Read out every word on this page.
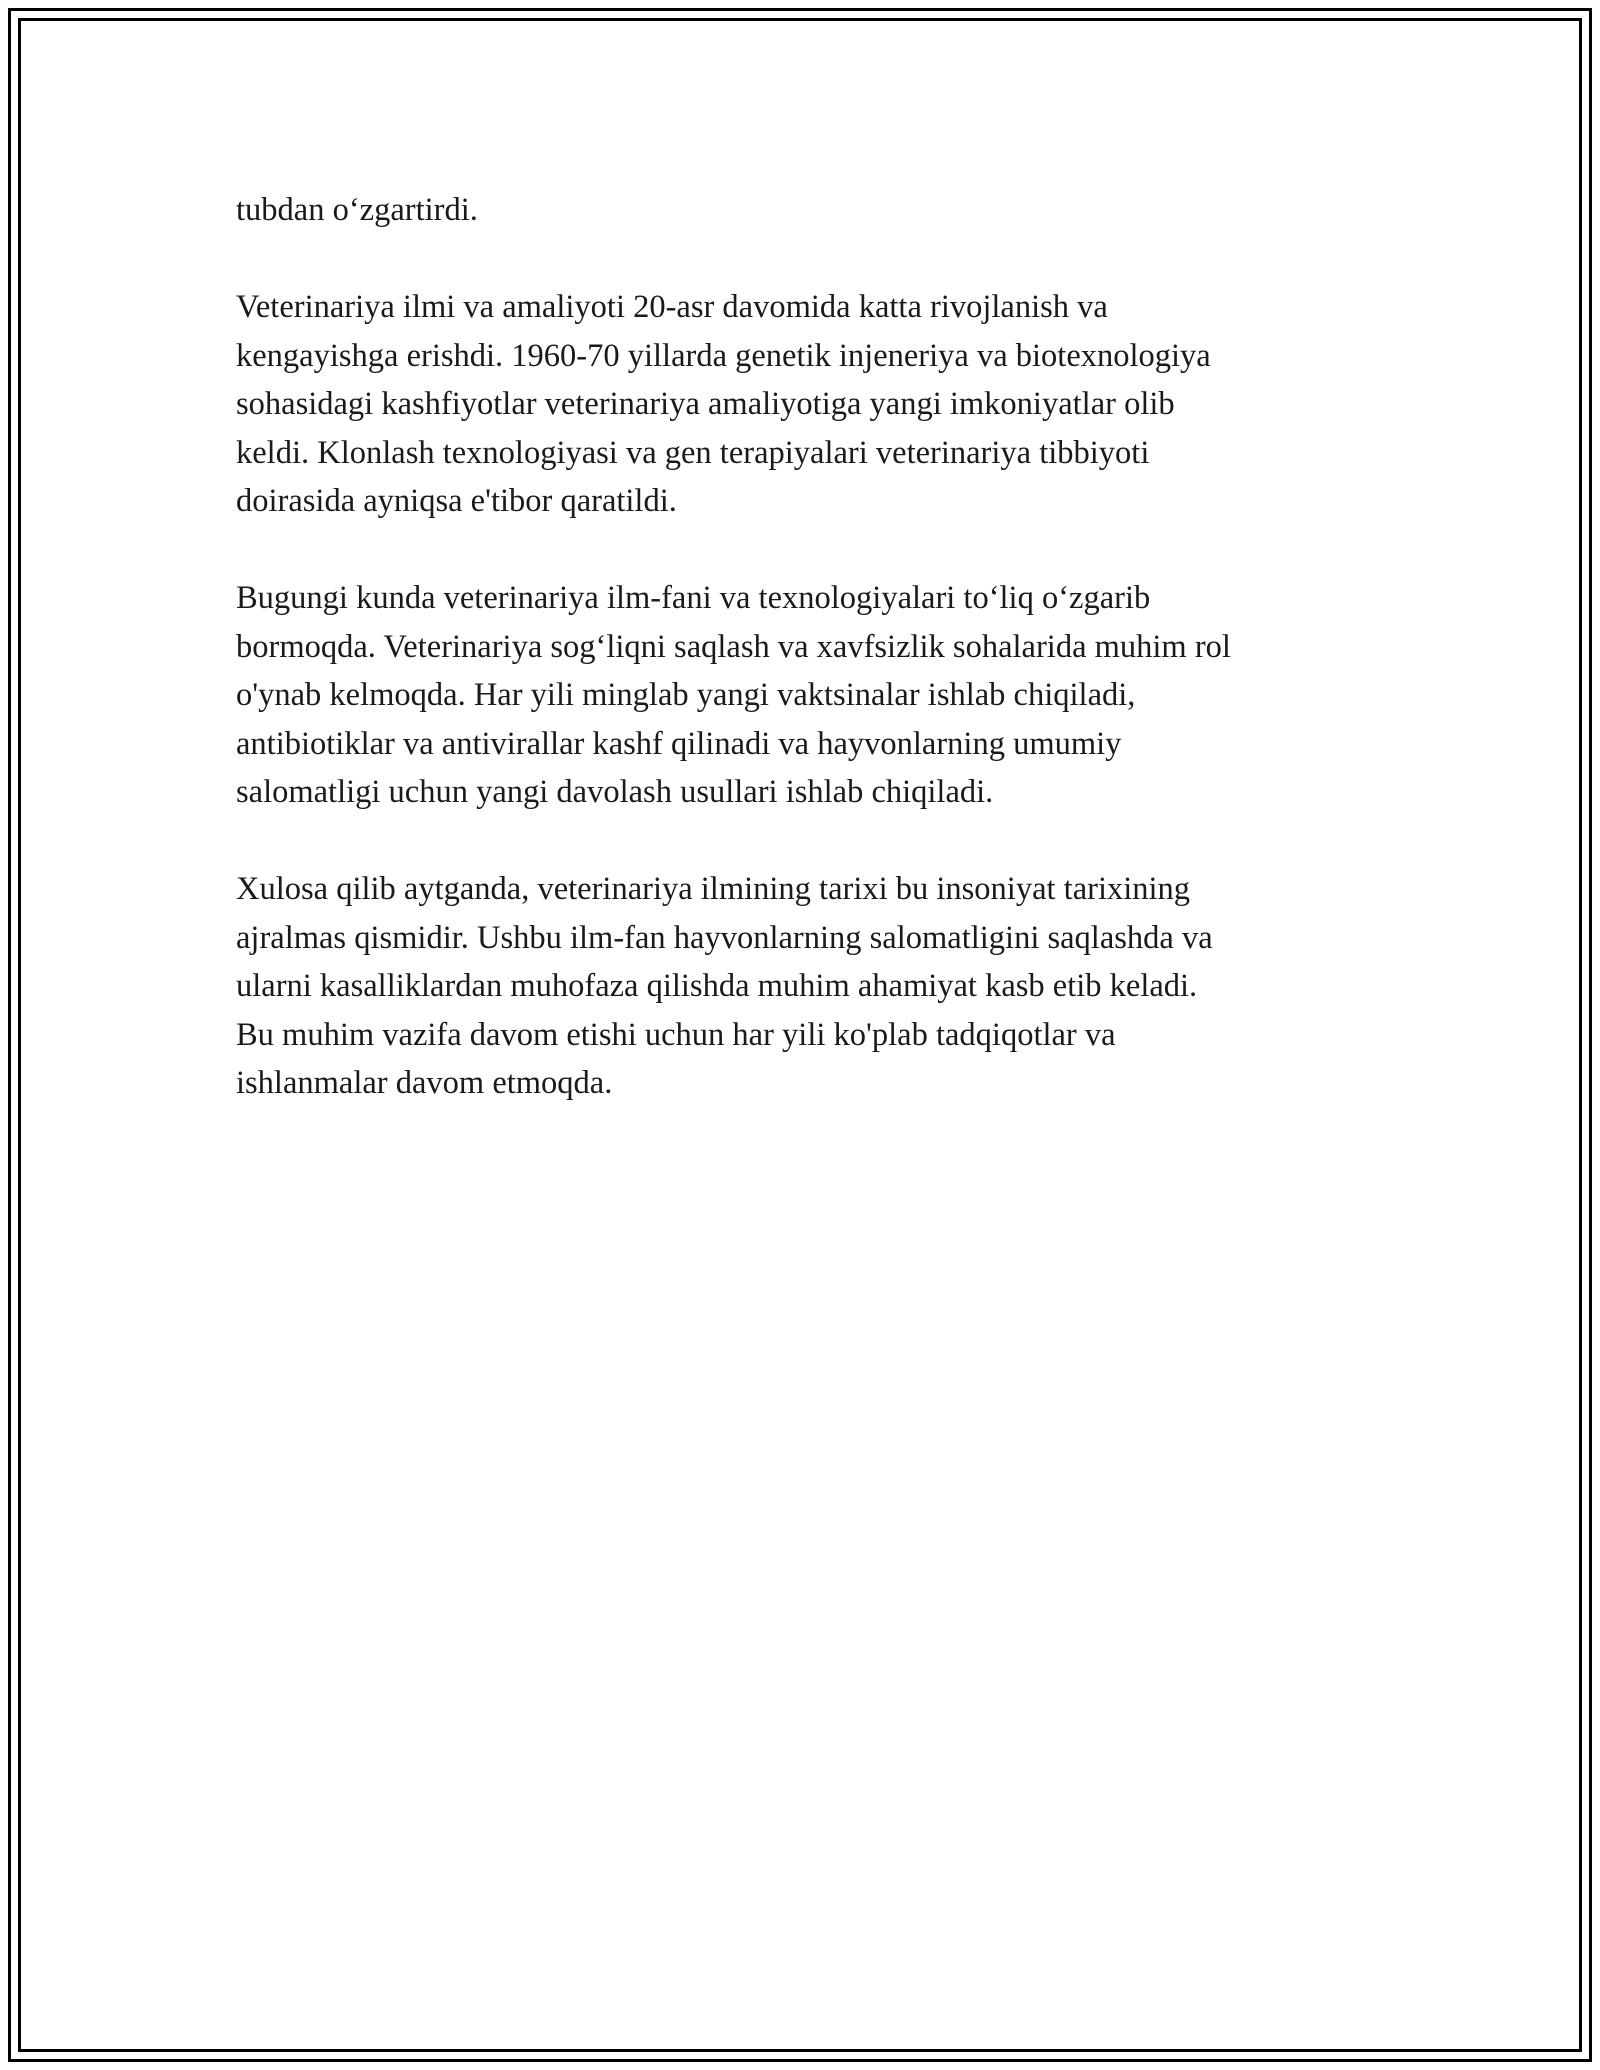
tubdan o‘zgartirdi.

Veterinariya ilmi va amaliyoti 20-asr davomida katta rivojlanish va
kengayishga erishdi. 1960-70 yillarda genetik injeneriya va biotexnologiya
sohasidagi kashfiyotlar veterinariya amaliyotiga yangi imkoniyatlar olib
keldi. Klonlash texnologiyasi va gen terapiyalari veterinariya tibbiyoti
doirasida ayniqsa e'tibor qaratildi.

Bugungi kunda veterinariya ilm-fani va texnologiyalari to‘liq o‘zgarib
bormoqda. Veterinariya sog‘liqni saqlash va xavfsizlik sohalarida muhim rol
o'ynab kelmoqda. Har yili minglab yangi vaktsinalar ishlab chiqiladi,
antibiotiklar va antivirallar kashf qilinadi va hayvonlarning umumiy
salomatligi uchun yangi davolash usullari ishlab chiqiladi.

Xulosa qilib aytganda, veterinariya ilmining tarixi bu insoniyat tarixining
ajralmas qismidir. Ushbu ilm-fan hayvonlarning salomatligini saqlashda va
ularni kasalliklardan muhofaza qilishda muhim ahamiyat kasb etib keladi.
Bu muhim vazifa davom etishi uchun har yili ko'plab tadqiqotlar va
ishlanmalar davom etmoqda.
